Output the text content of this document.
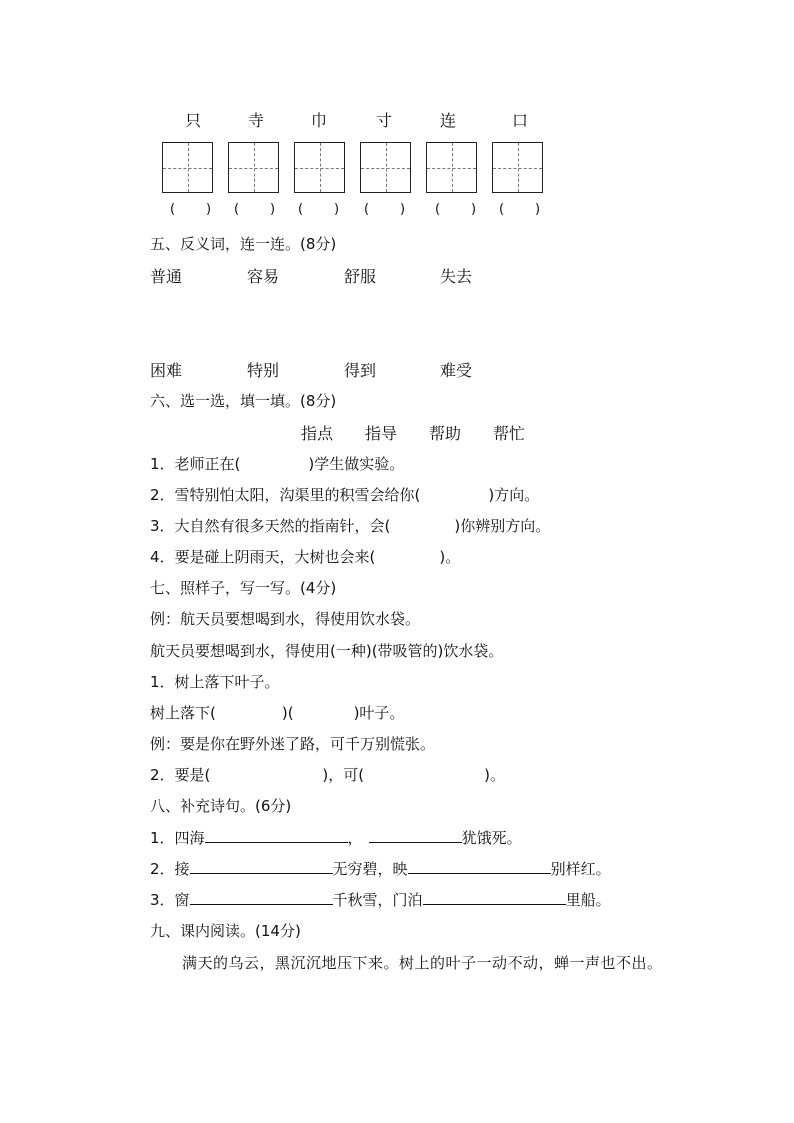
只	寺	巾	寸	连	口
( ) ( ) ( ) ( ) ( ) ( )
五、反义词，连一连。(8分)
普通	容易	舒服	失去
困难	特别	得到	难受
六、选一选，填一填。(8分)
指点 指导 帮助 帮忙
1．老师正在(	)学生做实验。
2．雪特别怕太阳，沟渠里的积雪会给你(	)方向。
3．大自然有很多天然的指南针，会(	)你辨别方向。
4．要是碰上阴雨天，大树也会来(	)。
七、照样子，写一写。(4分)
例：航天员要想喝到水，得使用饮水袋。
航天员要想喝到水，得使用(一种)(带吸管的)饮水袋。
1．树上落下叶子。
树上落下(	)(	)叶子。
例：要是你在野外迷了路，可千万别慌张。
2．要是(	)，可(	)。
八、补充诗句。(6分)
1．四海	，	犹饿死。
2．接	无穷碧，映	别样红。
3．窗	千秋雪，门泊	里船。
九、课内阅读。(14分)
满天的乌云，黑沉沉地压下来。树上的叶子一动不动，蝉一声也不出。
